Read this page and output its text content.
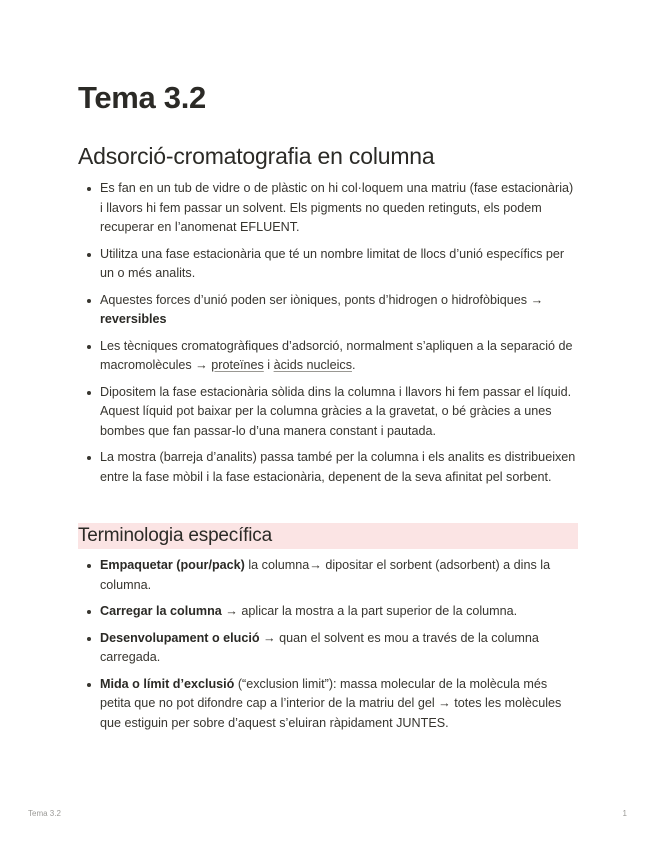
Tema 3.2
Adsorció-cromatografia en columna
Es fan en un tub de vidre o de plàstic on hi col·loquem una matriu (fase estacionària) i llavors hi fem passar un solvent. Els pigments no queden retinguts, els podem recuperar en l’anomenat EFLUENT.
Utilitza una fase estacionària que té un nombre limitat de llocs d’unió específics per un o més analits.
Aquestes forces d’unió poden ser iòniques, ponts d’hidrogen o hidrofòbiques → reversibles
Les tècniques cromatogràfiques d’adsorció, normalment s’apliquen a la separació de macromolècules → proteïnes i àcids nucleics.
Dipositem la fase estacionària sòlida dins la columna i llavors hi fem passar el líquid. Aquest líquid pot baixar per la columna gràcies a la gravetat, o bé gràcies a unes bombes que fan passar-lo d’una manera constant i pautada.
La mostra (barreja d’analits) passa també per la columna i els analits es distribueixen entre la fase mòbil i la fase estacionària, depenent de la seva afinitat pel sorbent.
Terminologia específica
Empaquetar (pour/pack) la columna→ dipositar el sorbent (adsorbent) a dins la columna.
Carregar la columna → aplicar la mostra a la part superior de la columna.
Desenvolupament o elució → quan el solvent es mou a través de la columna carregada.
Mida o límit d’exclusió (“exclusion limit”): massa molecular de la molècula més petita que no pot difondre cap a l’interior de la matriu del gel → totes les molècules que estiguin per sobre d’aquest s’eluiran ràpidament JUNTES.
Tema 3.2	1
